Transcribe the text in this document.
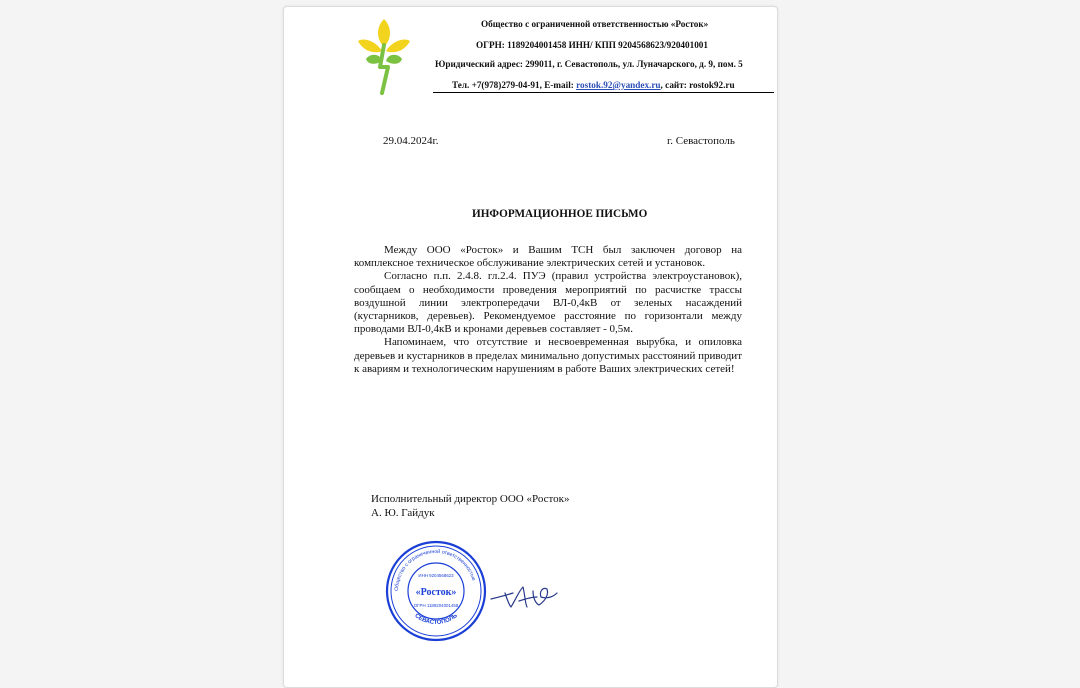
Общество с ограниченной ответственностью «Росток»
ОГРН: 1189204001458 ИНН/ КПП 9204568623/920401001
Юридический адрес: 299011, г. Севастополь, ул. Луначарского, д. 9, пом. 5
Тел. +7(978)279-04-91, E-mail: rostok.92@yandex.ru, сайт: rostok92.ru
29.04.2024г.	г. Севастополь
ИНФОРМАЦИОННОЕ ПИСЬМО

Между ООО «Росток» и Вашим ТСН был заключен договор на комплексное техническое обслуживание электрических сетей и установок.

Согласно п.п. 2.4.8. гл.2.4. ПУЭ (правил устройства электроустановок), сообщаем о необходимости проведения мероприятий по расчистке трассы воздушной линии электропередачи ВЛ-0,4кВ от зеленых насаждений (кустарников, деревьев). Рекомендуемое расстояние по горизонтали между проводами ВЛ-0,4кВ и кронами деревьев составляет - 0,5м.

Напоминаем, что отсутствие и несвоевременная вырубка, и опиловка деревьев и кустарников в пределах минимально допустимых расстояний приводит к авариям и технологическим нарушениям в работе Ваших электрических сетей!

Исполнительный директор ООО «Росток»
А. Ю. Гайдук
Общество с ограниченной ответственностью
СЕВАСТОПОЛЬ
ИНН 9204568623
«Росток»
ОГРН 1189204001458
